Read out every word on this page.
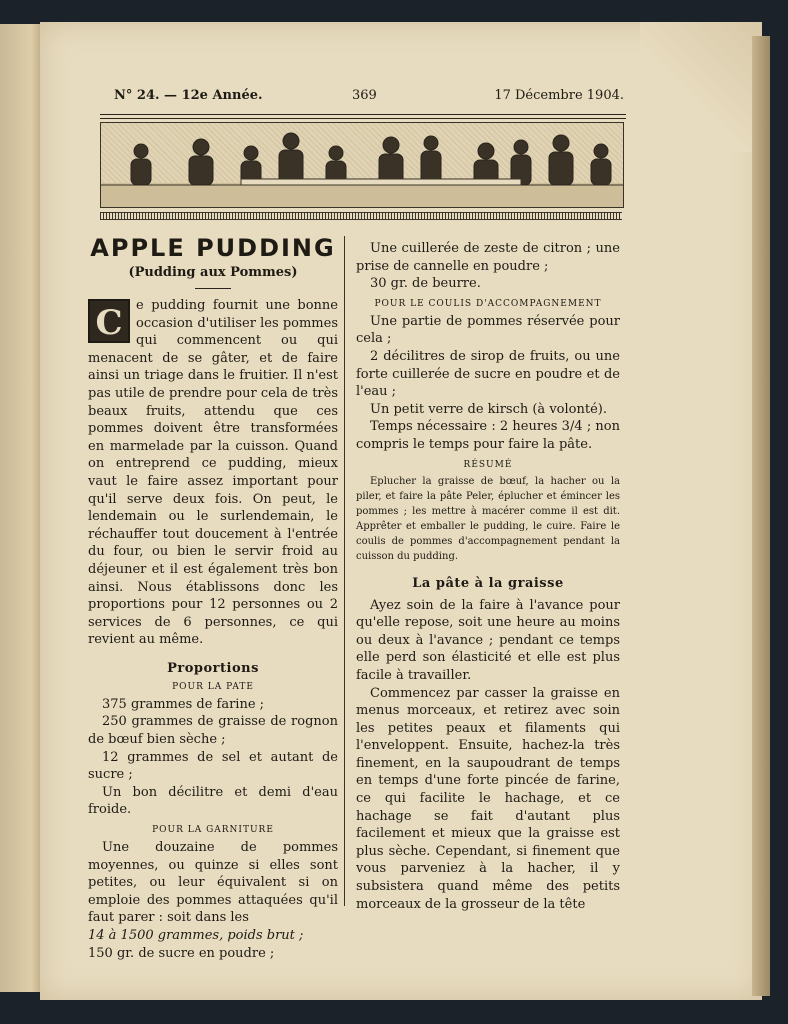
N° 24. — 12e Année.	369	17 Décembre 1904.
APPLE PUDDING

(Pudding aux Pommes)

C	e pudding fournit une bonne occasion d'utiliser les pommes qui commencent ou qui menacent de se gâter, et de faire ainsi un triage dans le fruitier. Il n'est pas utile de prendre pour cela de très beaux fruits, attendu que ces pommes doivent être transformées en marmelade par la cuisson. Quand on entreprend ce pudding, mieux vaut le faire assez important pour qu'il serve deux fois. On peut, le lendemain ou le surlendemain, le réchauffer tout doucement à l'entrée du four, ou bien le servir froid au déjeuner et il est également très bon ainsi. Nous établissons donc les proportions pour 12 personnes ou 2 services de 6 personnes, ce qui revient au même.

Proportions
POUR LA PATE

375 grammes de farine ;

250 grammes de graisse de rognon de bœuf bien sèche ;

12 grammes de sel et autant de sucre ;

Un bon décilitre et demi d'eau froide.

POUR LA GARNITURE

Une douzaine de pommes moyennes, ou quinze si elles sont petites, ou leur équivalent si on emploie des pommes attaquées qu'il faut parer : soit dans les

14 à 1500 grammes, poids brut ;

150 gr. de sucre en poudre ;

Une cuillerée de zeste de citron ; une prise de cannelle en poudre ;

30 gr. de beurre.

POUR LE COULIS D'ACCOMPAGNEMENT

Une partie de pommes réservée pour cela ;

2 décilitres de sirop de fruits, ou une forte cuillerée de sucre en poudre et de l'eau ;

Un petit verre de kirsch (à volonté).

Temps nécessaire : 2 heures 3/4 ; non compris le temps pour faire la pâte.

RÉSUMÉ

Eplucher la graisse de bœuf, la hacher ou la piler, et faire la pâte Peler, éplucher et émincer les pommes ; les mettre à macérer comme il est dit. Apprêter et emballer le pudding, le cuire. Faire le coulis de pommes d'accompagnement pendant la cuisson du pudding.

La pâte à la graisse

Ayez soin de la faire à l'avance pour qu'elle repose, soit une heure au moins ou deux à l'avance ; pendant ce temps elle perd son élasticité et elle est plus facile à travailler.

Commencez par casser la graisse en menus morceaux, et retirez avec soin les petites peaux et filaments qui l'enveloppent. Ensuite, hachez-la très finement, en la saupoudrant de temps en temps d'une forte pincée de farine, ce qui facilite le hachage, et ce hachage se fait d'autant plus facilement et mieux que la graisse est plus sèche. Cependant, si finement que vous parveniez à la hacher, il y subsistera quand même des petits morceaux de la grosseur de la tête
